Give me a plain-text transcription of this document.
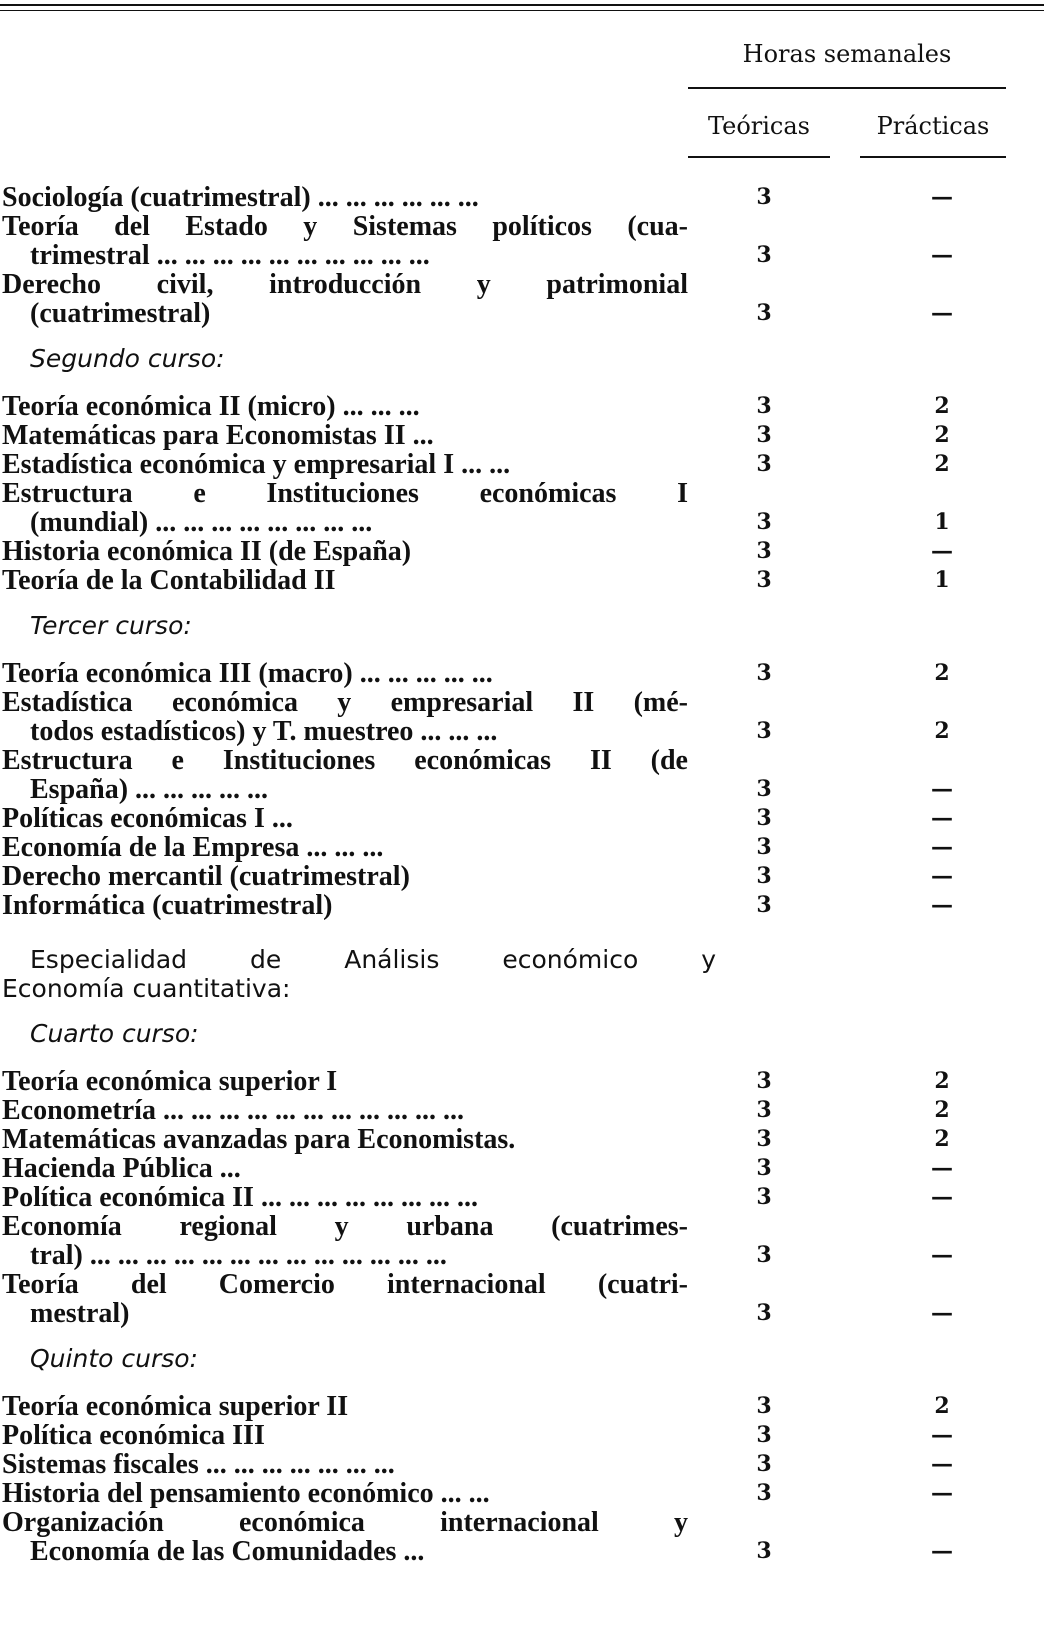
Horas semanales
Teóricas	Prácticas
Sociología (cuatrimestral) ... ... ... ... ... ...	3	—
Teoría del Estado y Sistemas políticos (cua-
trimestral ... ... ... ... ... ... ... ... ... ...	3	—
Derecho civil, introducción y patrimonial
(cuatrimestral)	3	—
Segundo curso:
Teoría económica II (micro) ... ... ...	3	2
Matemáticas para Economistas II ...	3	2
Estadística económica y empresarial I ... ...	3	2
Estructura e Instituciones económicas I
(mundial) ... ... ... ... ... ... ... ...	3	1
Historia económica II (de España)	3	—
Teoría de la Contabilidad II	3	1
Tercer curso:
Teoría económica III (macro) ... ... ... ... ...	3	2
Estadística económica y empresarial II (mé-
todos estadísticos) y T. muestreo ... ... ...	3	2
Estructura e Instituciones económicas II (de
España) ... ... ... ... ...	3	—
Políticas económicas I ...	3	—
Economía de la Empresa ... ... ...	3	—
Derecho mercantil (cuatrimestral)	3	—
Informática (cuatrimestral)	3	—
Especialidad de Análisis económico y
Economía cuantitativa:
Cuarto curso:
Teoría económica superior I	3	2
Econometría ... ... ... ... ... ... ... ... ... ... ...	3	2
Matemáticas avanzadas para Economistas.	3	2
Hacienda Pública ...	3	—
Política económica II ... ... ... ... ... ... ... ...	3	—
Economía regional y urbana (cuatrimes-
tral) ... ... ... ... ... ... ... ... ... ... ... ... ...	3	—
Teoría del Comercio internacional (cuatri-
mestral)	3	—
Quinto curso:
Teoría económica superior II	3	2
Política económica III	3	—
Sistemas fiscales ... ... ... ... ... ... ...	3	—
Historia del pensamiento económico ... ...	3	—
Organización económica internacional y
Economía de las Comunidades ...	3	—
